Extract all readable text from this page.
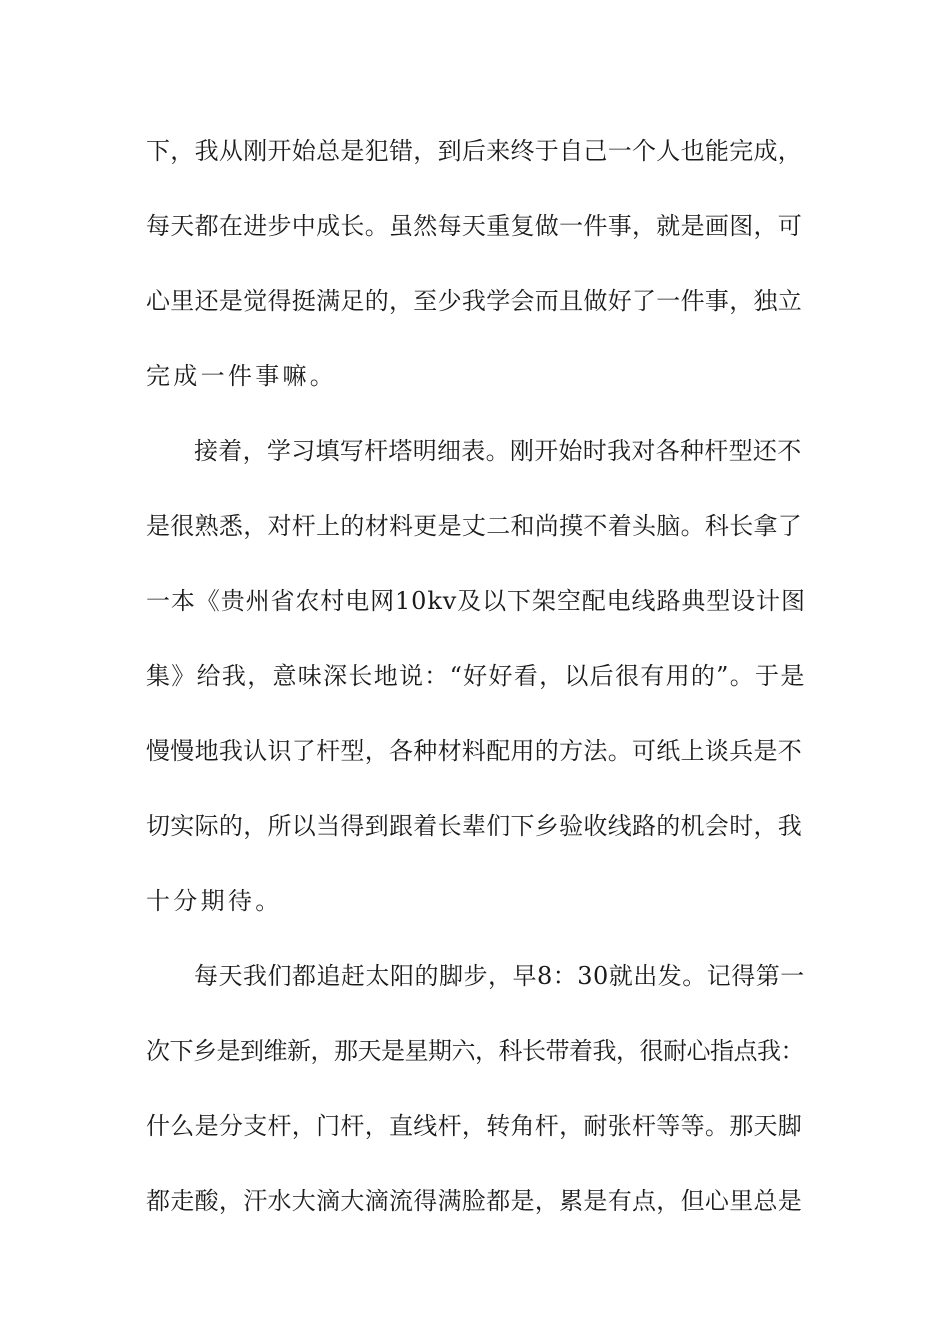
下，我从刚开始总是犯错，到后来终于自己一个人也能完成，
每天都在进步中成长。虽然每天重复做一件事，就是画图，可
心里还是觉得挺满足的，至少我学会而且做好了一件事，独立
完成一件事嘛。
接着，学习填写杆塔明细表。刚开始时我对各种杆型还不
是很熟悉，对杆上的材料更是丈二和尚摸不着头脑。科长拿了
一本《贵州省农村电网10kv及以下架空配电线路典型设计图
集》给我，意味深长地说：“好好看，以后很有用的”。于是
慢慢地我认识了杆型，各种材料配用的方法。可纸上谈兵是不
切实际的，所以当得到跟着长辈们下乡验收线路的机会时，我
十分期待。
每天我们都追赶太阳的脚步，早8：30就出发。记得第一
次下乡是到维新，那天是星期六，科长带着我，很耐心指点我：
什么是分支杆，门杆，直线杆，转角杆，耐张杆等等。那天脚
都走酸，汗水大滴大滴流得满脸都是，累是有点，但心里总是
